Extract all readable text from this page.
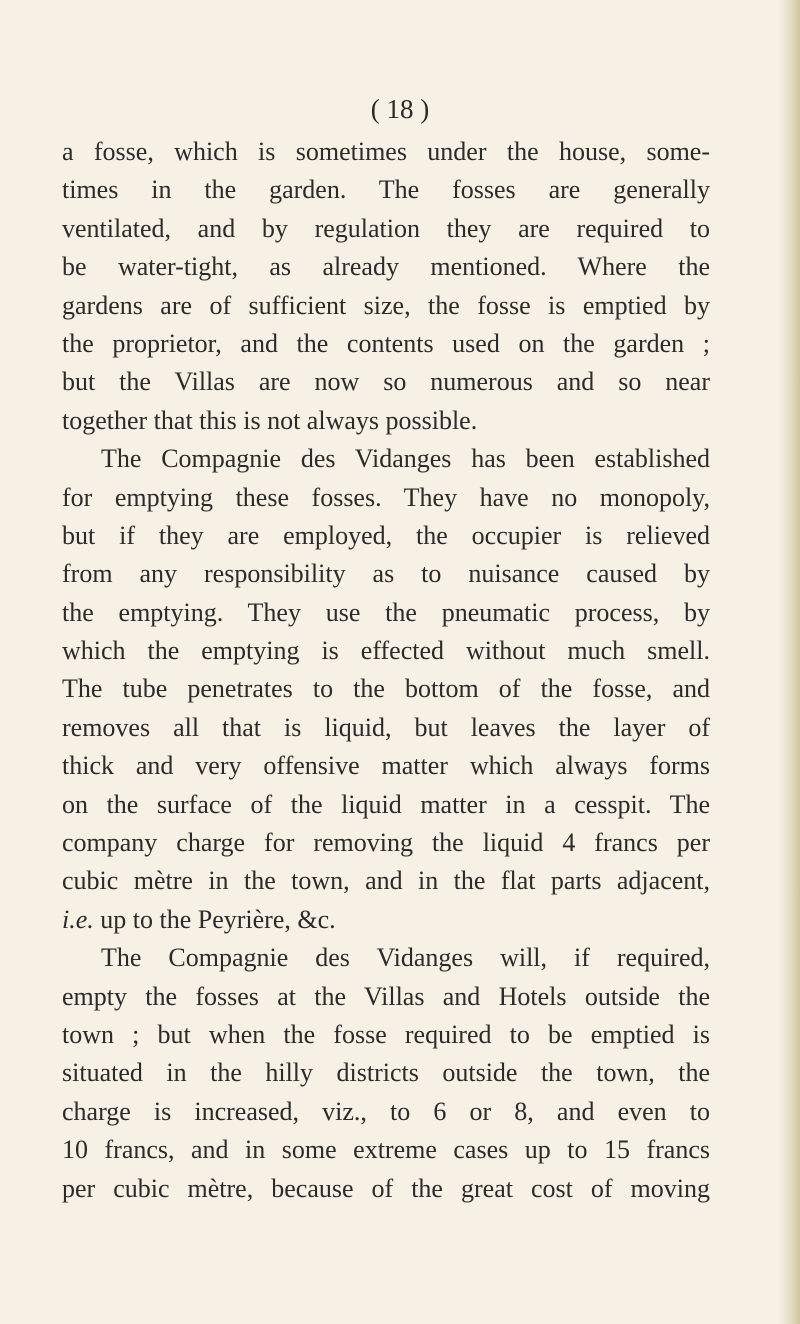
( 18 )
a fosse, which is sometimes under the house, some-
times in the garden. The fosses are generally
ventilated, and by regulation they are required to
be water-tight, as already mentioned. Where the
gardens are of sufficient size, the fosse is emptied by
the proprietor, and the contents used on the garden ;
but the Villas are now so numerous and so near
together that this is not always possible.
The Compagnie des Vidanges has been established
for emptying these fosses. They have no monopoly,
but if they are employed, the occupier is relieved
from any responsibility as to nuisance caused by
the emptying. They use the pneumatic process, by
which the emptying is effected without much smell.
The tube penetrates to the bottom of the fosse, and
removes all that is liquid, but leaves the layer of
thick and very offensive matter which always forms
on the surface of the liquid matter in a cesspit. The
company charge for removing the liquid 4 francs per
cubic mètre in the town, and in the flat parts adjacent,
i.e. up to the Peyrière, &c.
The Compagnie des Vidanges will, if required,
empty the fosses at the Villas and Hotels outside the
town ; but when the fosse required to be emptied is
situated in the hilly districts outside the town, the
charge is increased, viz., to 6 or 8, and even to
10 francs, and in some extreme cases up to 15 francs
per cubic mètre, because of the great cost of moving
